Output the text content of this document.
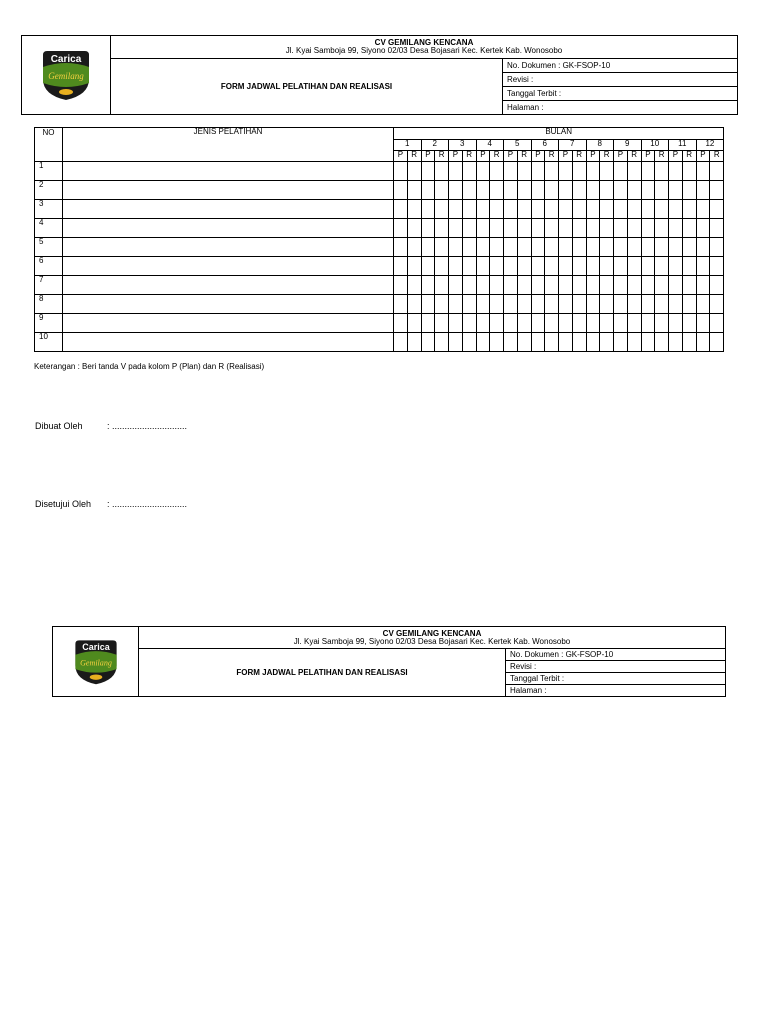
Carica
Gemilang	CV GEMILANG KENCANA
Jl. Kyai Samboja 99, Siyono 02/03 Desa Bojasari Kec. Kertek Kab. Wonosobo	

	FORM JADWAL PELATIHAN DAN REALISASI	No. Dokumen : GK-FSOP-10
		Revisi :
		Tanggal Terbit :
		Halaman :
NO	JENIS PELATIHAN	BULAN																							
		1		2		3		4		5		6		7		8		9		10		11		12	
		P	R	P	R	P	R	P	R	P	R	P	R	P	R	P	R	P	R	P	R	P	R	P	R
1																									
2																									
3																									
4																									
5																									
6																									
7																									
8																									
9																									
10																									
Keterangan : Beri tanda V pada kolom P (Plan) dan R (Realisasi)
Dibuat Oleh	: ..............................
Disetujui Oleh : ..............................
Carica
Gemilang	CV GEMILANG KENCANA
Jl. Kyai Samboja 99, Siyono 02/03 Desa Bojasari Kec. Kertek Kab. Wonosobo	

	FORM JADWAL PELATIHAN DAN REALISASI	No. Dokumen : GK-FSOP-10
		Revisi :
		Tanggal Terbit :
		Halaman :
